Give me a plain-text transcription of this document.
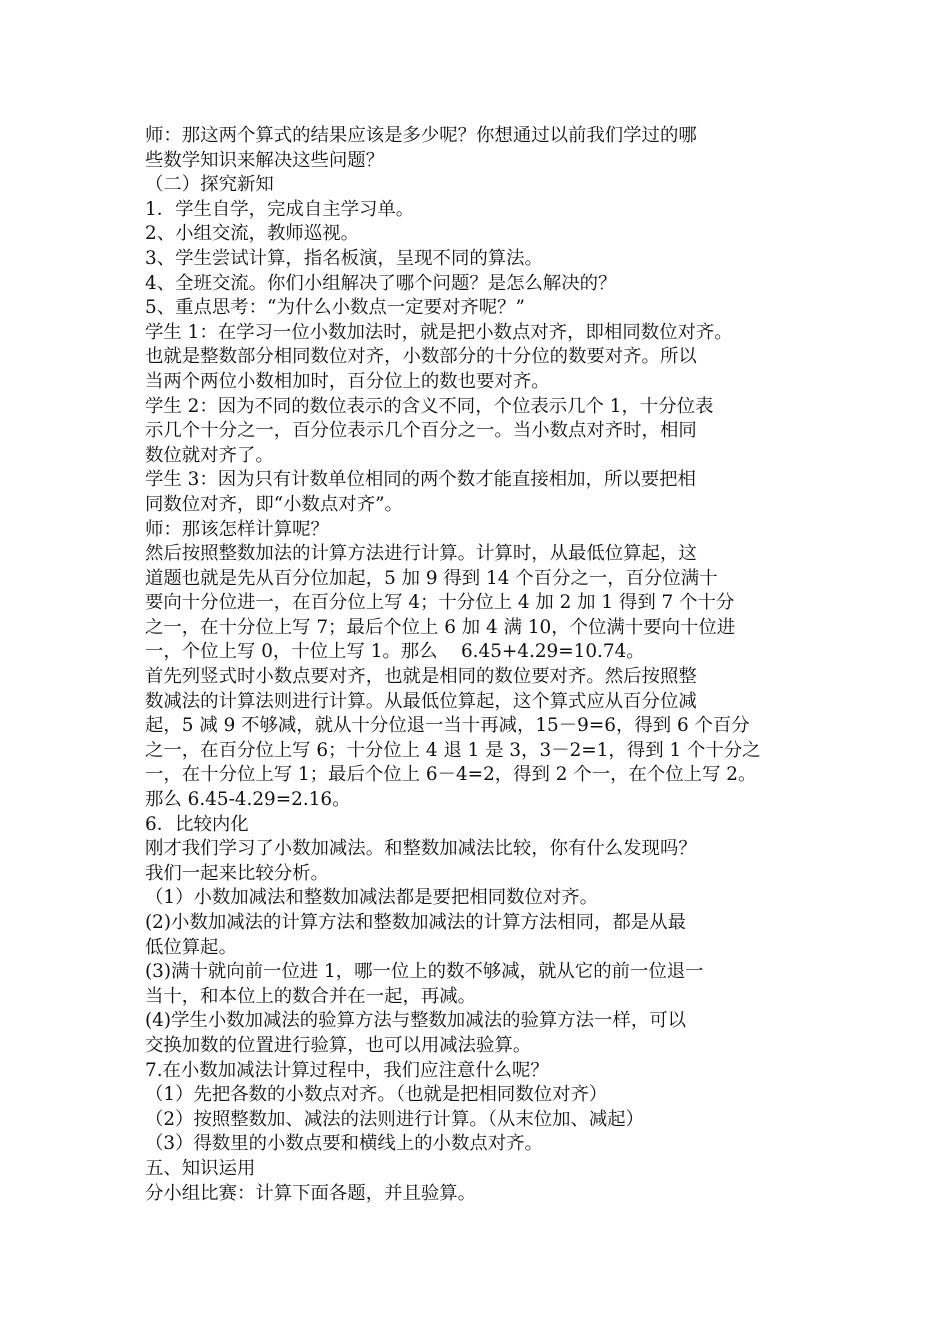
师：那这两个算式的结果应该是多少呢？你想通过以前我们学过的哪
些数学知识来解决这些问题？
（二）探究新知
1．学生自学，完成自主学习单。
2、小组交流，教师巡视。
3、学生尝试计算，指名板演，呈现不同的算法。
4、全班交流。你们小组解决了哪个问题？是怎么解决的？
5、重点思考：“为什么小数点一定要对齐呢？”
学生 1：在学习一位小数加法时，就是把小数点对齐，即相同数位对齐。
也就是整数部分相同数位对齐，小数部分的十分位的数要对齐。所以
当两个两位小数相加时，百分位上的数也要对齐。
学生 2：因为不同的数位表示的含义不同，个位表示几个 1，十分位表
示几个十分之一，百分位表示几个百分之一。当小数点对齐时，相同
数位就对齐了。
学生 3：因为只有计数单位相同的两个数才能直接相加，所以要把相
同数位对齐，即“小数点对齐”。
师：那该怎样计算呢？
然后按照整数加法的计算方法进行计算。计算时，从最低位算起，这
道题也就是先从百分位加起，5 加 9 得到 14 个百分之一，百分位满十
要向十分位进一，在百分位上写 4；十分位上 4 加 2 加 1 得到 7 个十分
之一，在十分位上写 7；最后个位上 6 加 4 满 10，个位满十要向十位进
一，个位上写 0，十位上写 1。那么    6.45+4.29=10.74。
首先列竖式时小数点要对齐，也就是相同的数位要对齐。然后按照整
数减法的计算法则进行计算。从最低位算起，这个算式应从百分位减
起，5 减 9 不够减，就从十分位退一当十再减，15－9=6，得到 6 个百分
之一，在百分位上写 6；十分位上 4 退 1 是 3，3－2=1，得到 1 个十分之
一，在十分位上写 1；最后个位上 6－4=2，得到 2 个一，在个位上写 2。
那么 6.45-4.29=2.16。
6．比较内化
刚才我们学习了小数加减法。和整数加减法比较，你有什么发现吗？
我们一起来比较分析。
（1）小数加减法和整数加减法都是要把相同数位对齐。
(2)小数加减法的计算方法和整数加减法的计算方法相同，都是从最
低位算起。
(3)满十就向前一位进 1，哪一位上的数不够减，就从它的前一位退一
当十，和本位上的数合并在一起，再减。
(4)学生小数加减法的验算方法与整数加减法的验算方法一样，可以
交换加数的位置进行验算，也可以用减法验算。
7.在小数加减法计算过程中，我们应注意什么呢？
（1）先把各数的小数点对齐。（也就是把相同数位对齐）
（2）按照整数加、减法的法则进行计算。（从末位加、减起）
（3）得数里的小数点要和横线上的小数点对齐。
五、知识运用
分小组比赛：计算下面各题，并且验算。
